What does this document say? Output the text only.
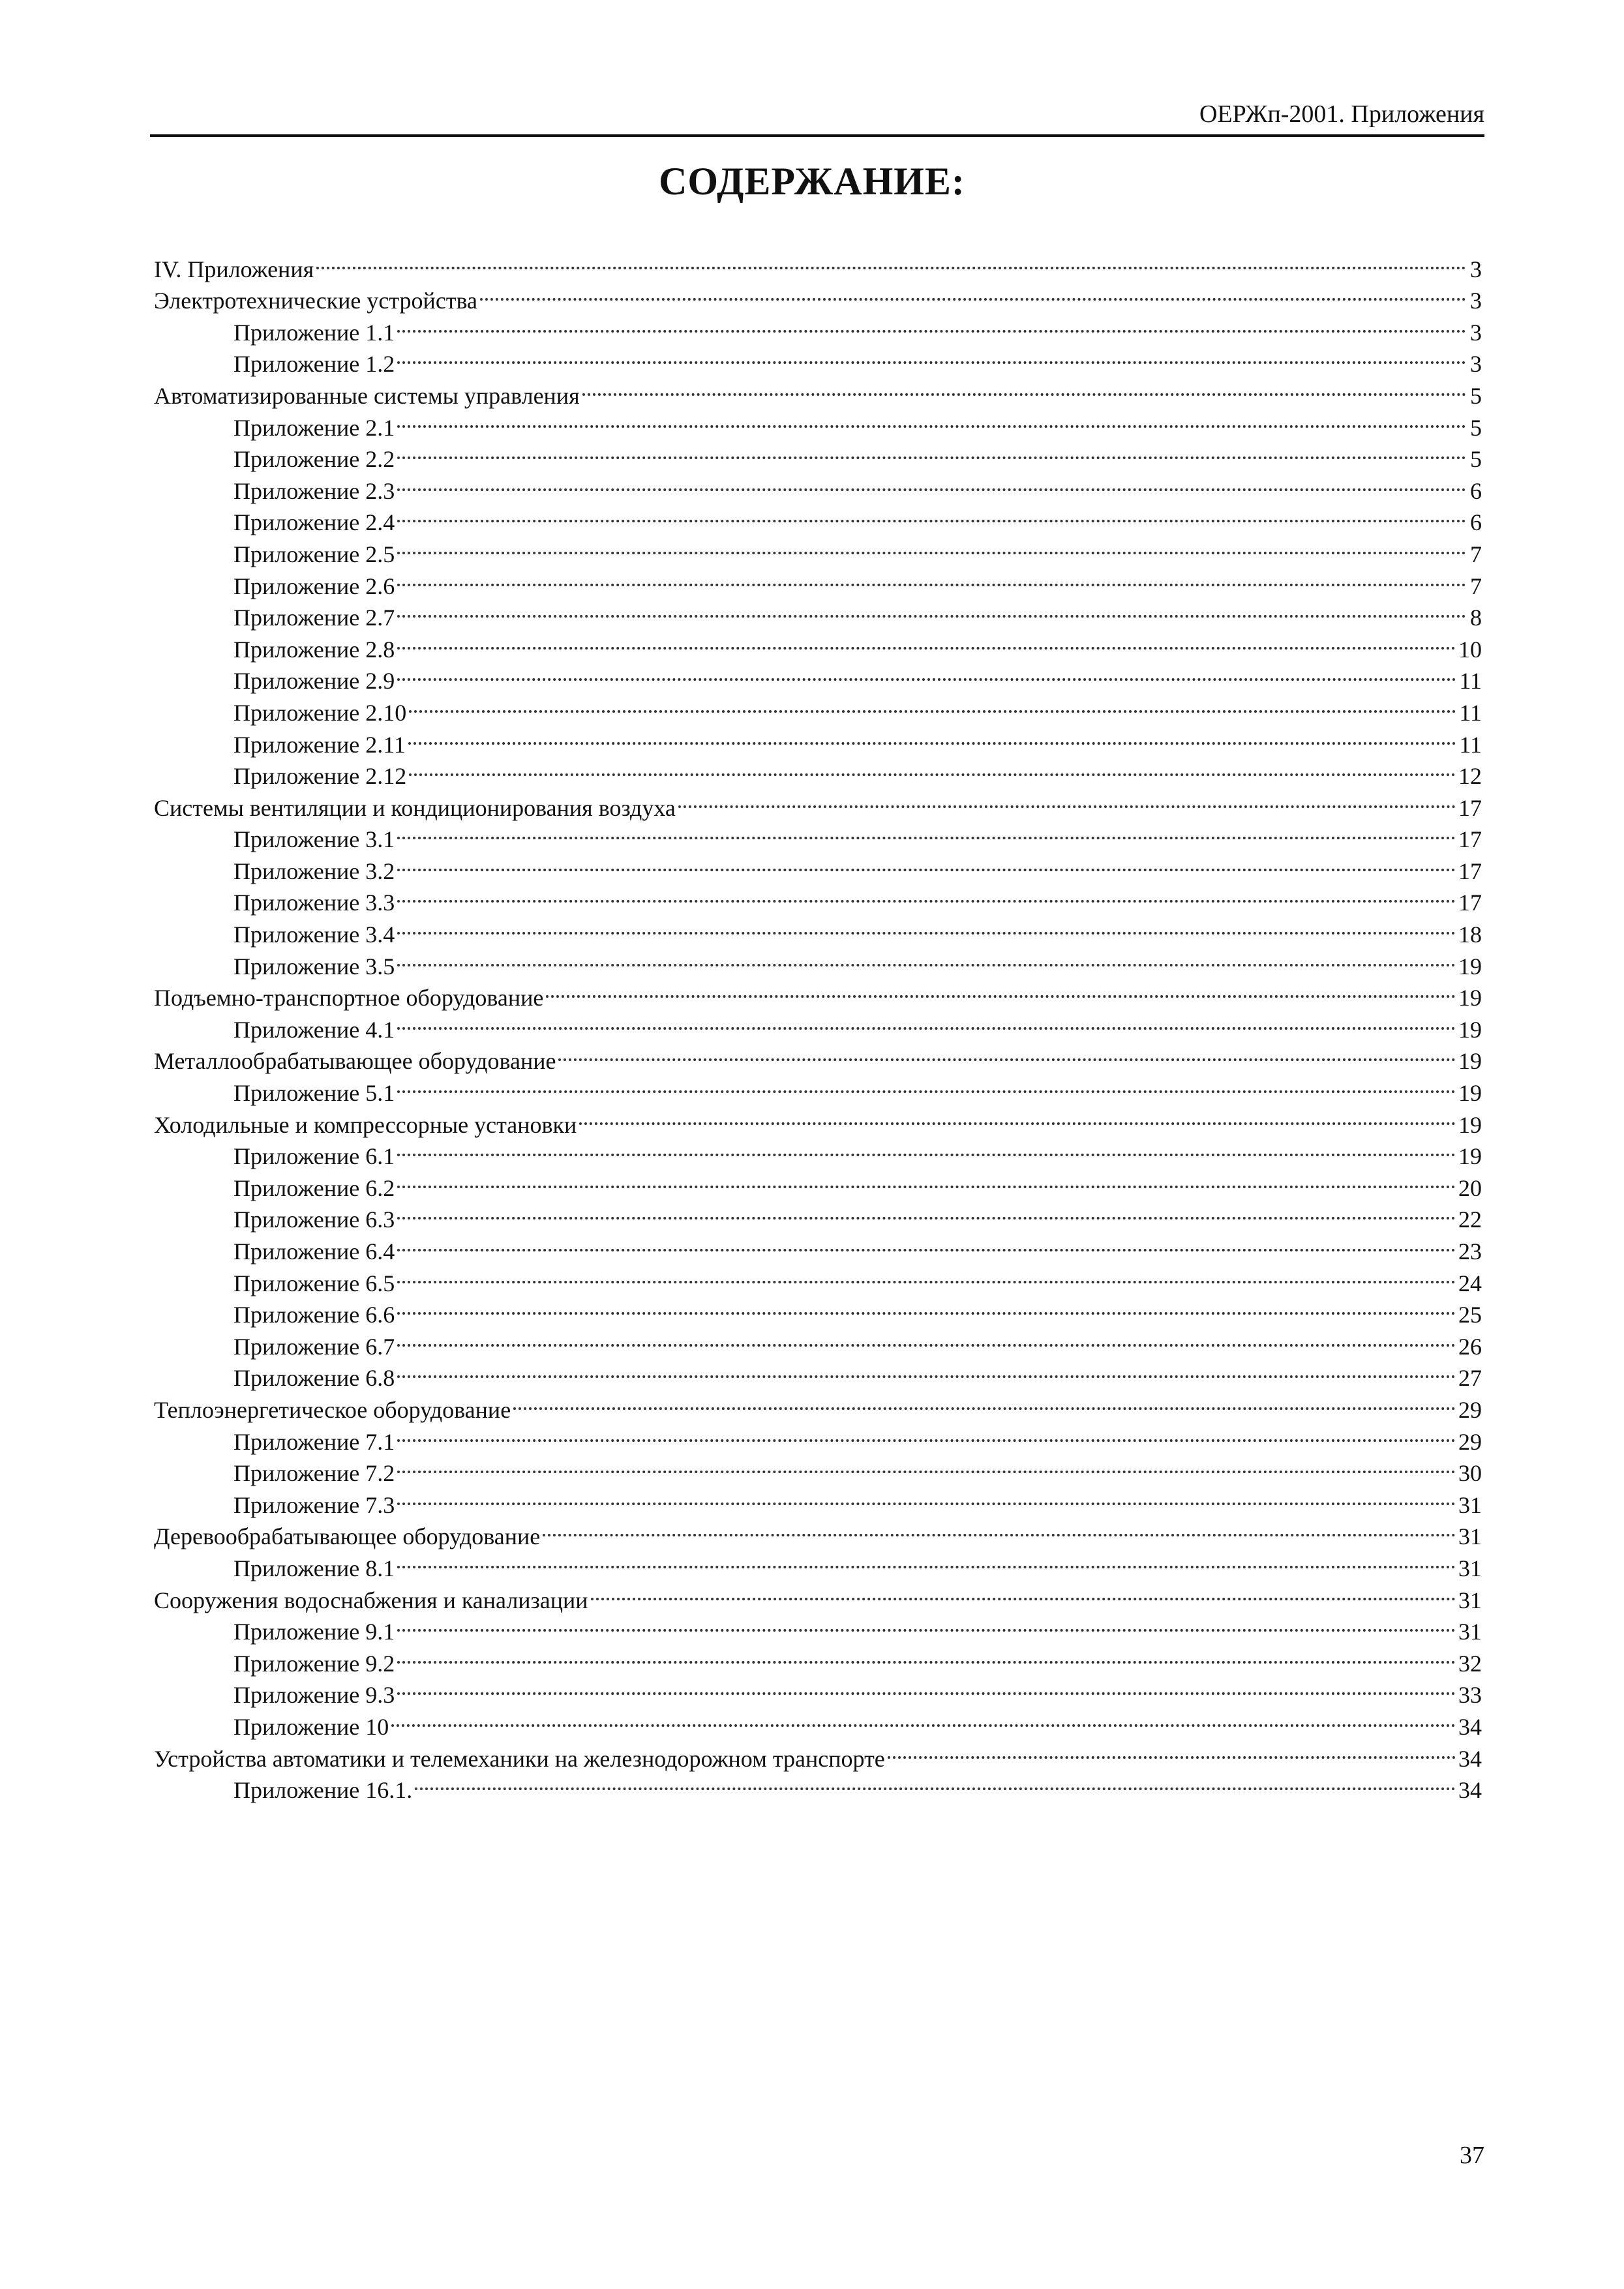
ОЕРЖп-2001. Приложения
СОДЕРЖАНИЕ:
IV. Приложения	3
Электротехнические устройства	3
Приложение 1.1	3
Приложение 1.2	3
Автоматизированные системы управления	5
Приложение 2.1	5
Приложение 2.2	5
Приложение 2.3	6
Приложение 2.4	6
Приложение 2.5	7
Приложение 2.6	7
Приложение 2.7	8
Приложение 2.8	10
Приложение 2.9	11
Приложение 2.10	11
Приложение 2.11	11
Приложение 2.12	12
Системы вентиляции и кондиционирования воздуха	17
Приложение 3.1	17
Приложение 3.2	17
Приложение 3.3	17
Приложение 3.4	18
Приложение 3.5	19
Подъемно-транспортное оборудование	19
Приложение 4.1	19
Металлообрабатывающее оборудование	19
Приложение 5.1	19
Холодильные и компрессорные установки	19
Приложение 6.1	19
Приложение 6.2	20
Приложение 6.3	22
Приложение 6.4	23
Приложение 6.5	24
Приложение 6.6	25
Приложение 6.7	26
Приложение 6.8	27
Теплоэнергетическое оборудование	29
Приложение 7.1	29
Приложение 7.2	30
Приложение 7.3	31
Деревообрабатывающее оборудование	31
Приложение 8.1	31
Сооружения водоснабжения и канализации	31
Приложение 9.1	31
Приложение 9.2	32
Приложение 9.3	33
Приложение 10	34
Устройства автоматики и телемеханики на железнодорожном транспорте	34
Приложение 16.1.	34
37
